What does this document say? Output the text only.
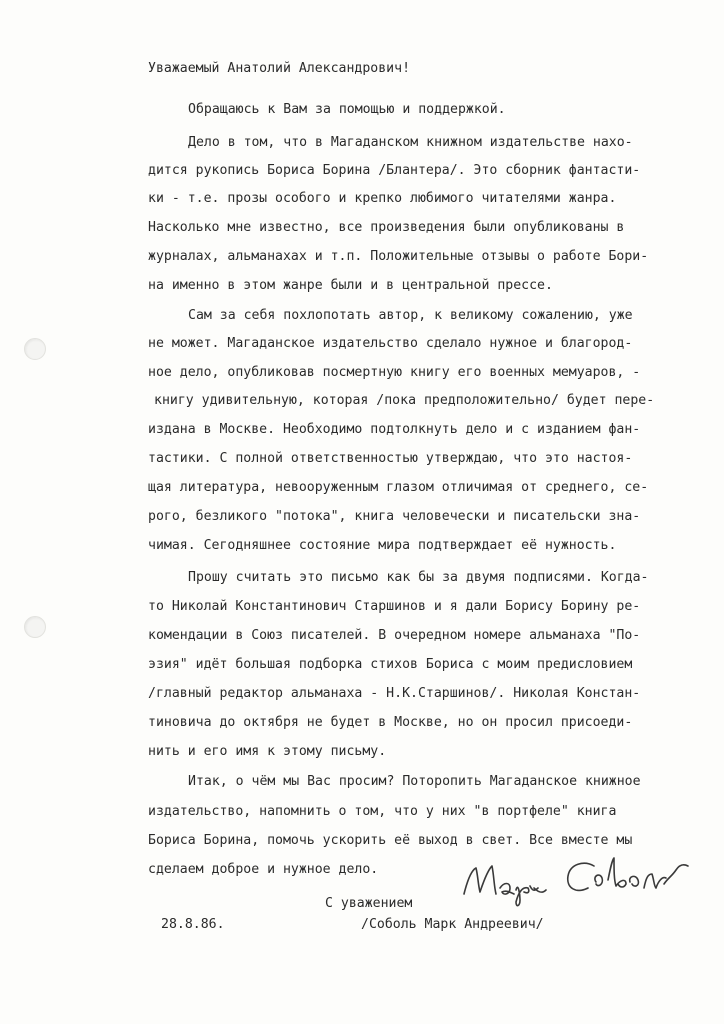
Уважаемый Анатолий Александрович!
Обращаюсь к Вам за помощью и поддержкой.
Дело в том, что в Магаданском книжном издательстве нахо-
дится рукопись Бориса Борина /Блантера/. Это сборник фантасти-
ки - т.е. прозы особого и крепко любимого читателями жанра.
Насколько мне известно, все произведения были опубликованы в
журналах, альманахах и т.п. Положительные отзывы о работе Бори-
на именно в этом жанре были и в центральной прессе.
Сам за себя похлопотать автор, к великому сожалению, уже
не может. Магаданское издательство сделало нужное и благород-
ное дело, опубликовав посмертную книгу его военных мемуаров, -
книгу удивительную, которая /пока предположительно/ будет пере-
издана в Москве. Необходимо подтолкнуть дело и с изданием фан-
тастики. С полной ответственностью утверждаю, что это настоя-
щая литература, невооруженным глазом отличимая от среднего, се-
рого, безликого "потока", книга человечески и писательски зна-
чимая. Сегодняшнее состояние мира подтверждает её нужность.
Прошу считать это письмо как бы за двумя подписями. Когда-
то Николай Константинович Старшинов и я дали Борису Борину ре-
комендации в Союз писателей. В очередном номере альманаха "По-
эзия" идёт большая подборка стихов Бориса с моим предисловием
/главный редактор альманаха - Н.К.Старшинов/. Николая Констан-
тиновича до октября не будет в Москве, но он просил присоеди-
нить и его имя к этому письму.
Итак, о чём мы Вас просим? Поторопить Магаданское книжное
издательство, напомнить о том, что у них "в портфеле" книга
Бориса Борина, помочь ускорить её выход в свет. Все вместе мы
сделаем доброе и нужное дело.
С уважением
28.8.86.	/Соболь Марк Андреевич/
